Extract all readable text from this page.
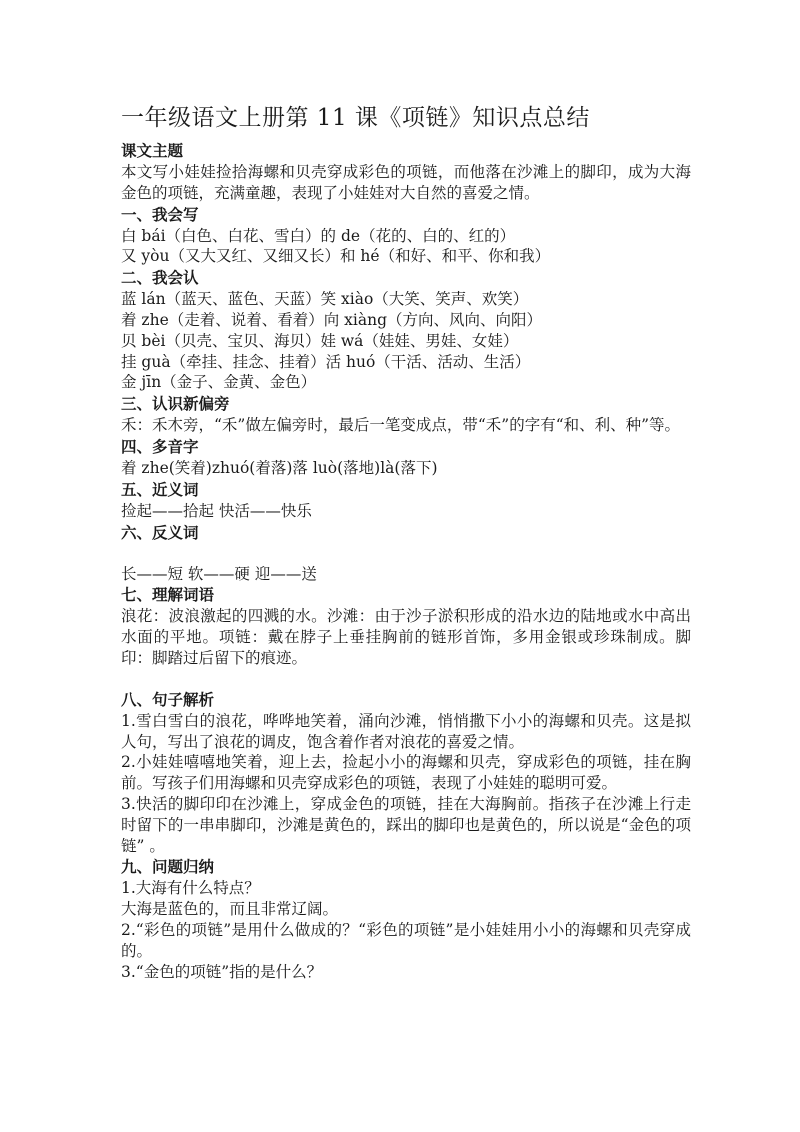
一年级语文上册第 11 课《项链》知识点总结
课文主题

本文写小娃娃捡拾海螺和贝壳穿成彩色的项链，而他落在沙滩上的脚印，成为大海金色的项链，充满童趣，表现了小娃娃对大自然的喜爱之情。

一、我会写

白 bái（白色、白花、雪白）的 de（花的、白的、红的）

又 yòu（又大又红、又细又长）和 hé（和好、和平、你和我）

二、我会认

蓝 lán（蓝天、蓝色、天蓝）笑 xiào（大笑、笑声、欢笑）

着 zhe（走着、说着、看着）向 xiàng（方向、风向、向阳）

贝 bèi（贝壳、宝贝、海贝）娃 wá（娃娃、男娃、女娃）

挂 guà（牵挂、挂念、挂着）活 huó（干活、活动、生活）

金 jīn（金子、金黄、金色）

三、认识新偏旁

禾：禾木旁，“禾”做左偏旁时，最后一笔变成点，带“禾”的字有“和、利、种”等。

四、多音字

着 zhe(笑着)zhuó(着落)落 luò(落地)là(落下)

五、近义词

捡起——拾起 快活——快乐

六、反义词

长——短 软——硬 迎——送

七、理解词语

浪花：波浪激起的四溅的水。沙滩：由于沙子淤积形成的沿水边的陆地或水中高出水面的平地。项链：戴在脖子上垂挂胸前的链形首饰，多用金银或珍珠制成。脚印：脚踏过后留下的痕迹。

八、句子解析

1.雪白雪白的浪花，哗哗地笑着，涌向沙滩，悄悄撒下小小的海螺和贝壳。这是拟人句，写出了浪花的调皮，饱含着作者对浪花的喜爱之情。

2.小娃娃嘻嘻地笑着，迎上去，捡起小小的海螺和贝壳，穿成彩色的项链，挂在胸前。写孩子们用海螺和贝壳穿成彩色的项链，表现了小娃娃的聪明可爱。

3.快活的脚印印在沙滩上，穿成金色的项链，挂在大海胸前。指孩子在沙滩上行走时留下的一串串脚印，沙滩是黄色的，踩出的脚印也是黄色的，所以说是“金色的项链” 。

九、问题归纳

1.大海有什么特点？

大海是蓝色的，而且非常辽阔。

2.“彩色的项链”是用什么做成的？“彩色的项链”是小娃娃用小小的海螺和贝壳穿成的。

3.“金色的项链”指的是什么？
